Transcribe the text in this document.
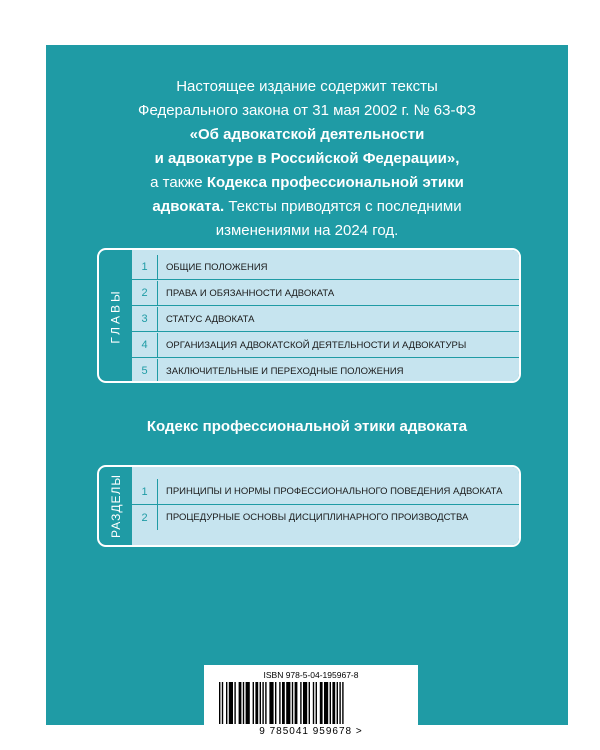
Настоящее издание содержит тексты
Федерального закона от 31 мая 2002 г. № 63-ФЗ
«Об адвокатской деятельности
и адвокатуре в Российской Федерации»,
а также Кодекса профессиональной этики
адвоката. Тексты приводятся с последними
изменениями на 2024 год.
ГЛАВЫ
1	ОБЩИЕ ПОЛОЖЕНИЯ
2	ПРАВА И ОБЯЗАННОСТИ АДВОКАТА
3	СТАТУС АДВОКАТА
4	ОРГАНИЗАЦИЯ АДВОКАТСКОЙ ДЕЯТЕЛЬНОСТИ И АДВОКАТУРЫ
5	ЗАКЛЮЧИТЕЛЬНЫЕ И ПЕРЕХОДНЫЕ ПОЛОЖЕНИЯ
Кодекс профессиональной этики адвоката
РАЗДЕЛЫ	1	ПРИНЦИПЫ И НОРМЫ ПРОФЕССИОНАЛЬНОГО ПОВЕДЕНИЯ АДВОКАТА
2	ПРОЦЕДУРНЫЕ ОСНОВЫ ДИСЦИПЛИНАРНОГО ПРОИЗВОДСТВА
ISBN 978-5-04-195967-8
9 785041 959678 >
